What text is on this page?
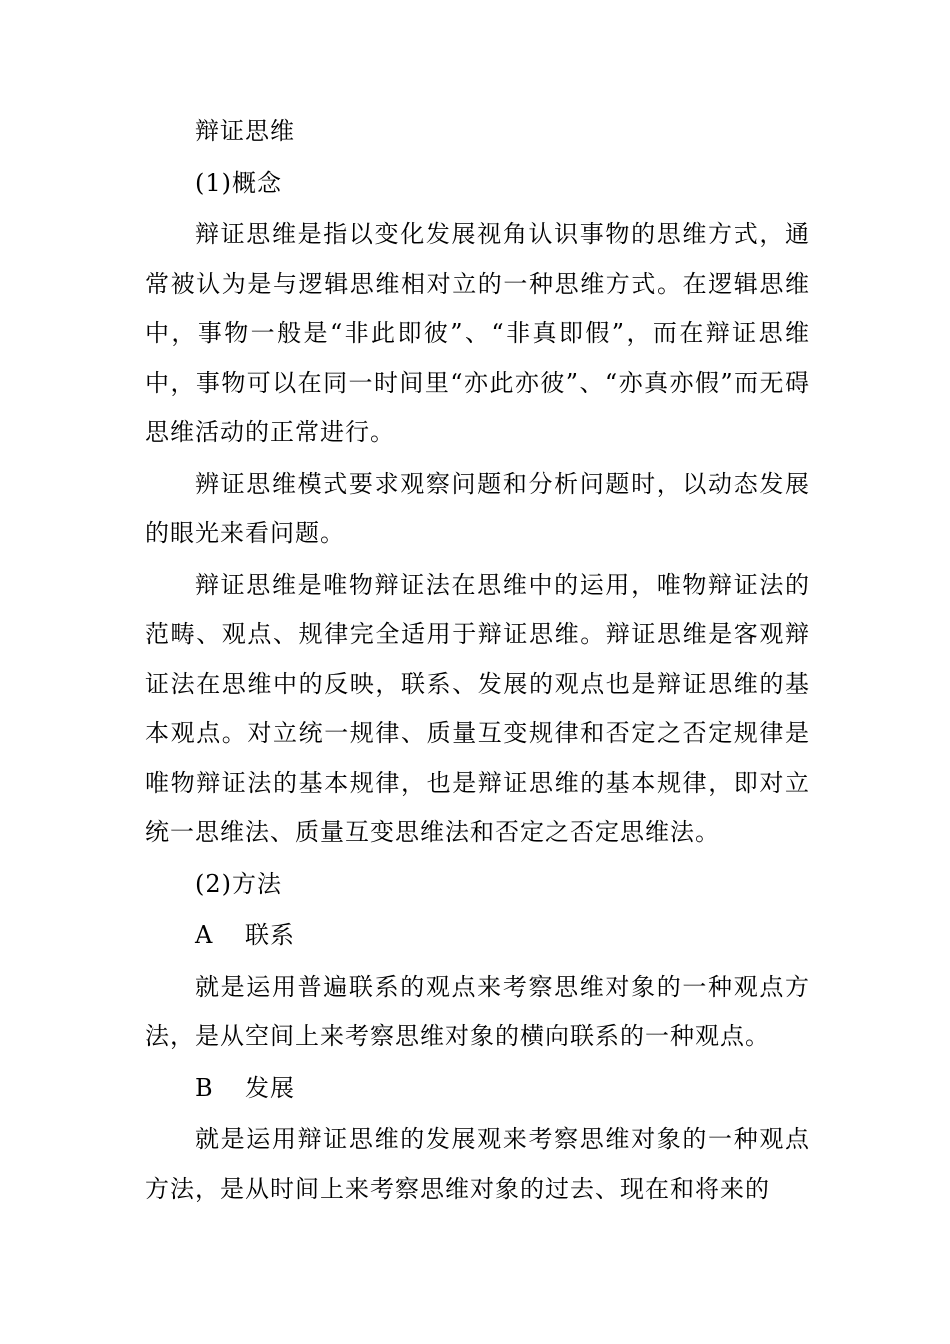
辩证思维

(1)概念

辩证思维是指以变化发展视角认识事物的思维方式，通常被认为是与逻辑思维相对立的一种思维方式。在逻辑思维中，事物一般是“非此即彼”、“非真即假”，而在辩证思维中，事物可以在同一时间里“亦此亦彼”、“亦真亦假”而无碍思维活动的正常进行。

辨证思维模式要求观察问题和分析问题时，以动态发展的眼光来看问题。

辩证思维是唯物辩证法在思维中的运用，唯物辩证法的范畴、观点、规律完全适用于辩证思维。辩证思维是客观辩证法在思维中的反映，联系、发展的观点也是辩证思维的基本观点。对立统一规律、质量互变规律和否定之否定规律是唯物辩证法的基本规律，也是辩证思维的基本规律，即对立统一思维法、质量互变思维法和否定之否定思维法。

(2)方法

A 联系

就是运用普遍联系的观点来考察思维对象的一种观点方法，是从空间上来考察思维对象的横向联系的一种观点。

B 发展

就是运用辩证思维的发展观来考察思维对象的一种观点方法，是从时间上来考察思维对象的过去、现在和将来的
